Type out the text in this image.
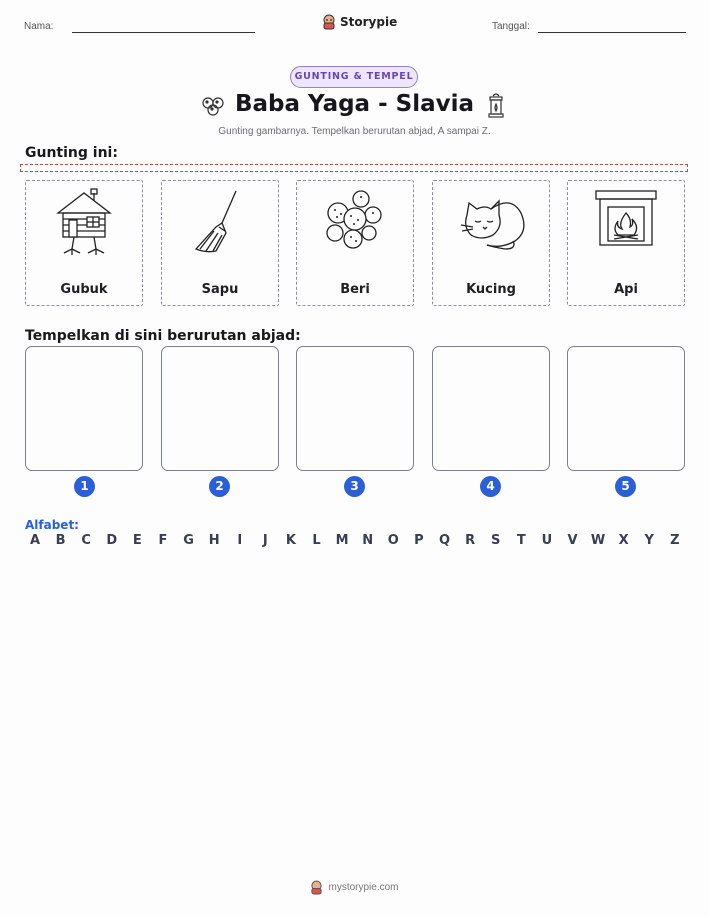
Nama:	Storypie	Tanggal:
GUNTING & TEMPEL
Baba Yaga - Slavia
Gunting gambarnya. Tempelkan berurutan abjad, A sampai Z.
Gunting ini:
Gubuk	Sapu	Beri	Kucing	Api
Tempelkan di sini berurutan abjad:
1	2	3	4	5
Alfabet:
A	B	C	D	E	F	G	H	I	J	K	L	M	N	O	P	Q	R	S	T	U	V	W	X	Y	Z
mystorypie.com
